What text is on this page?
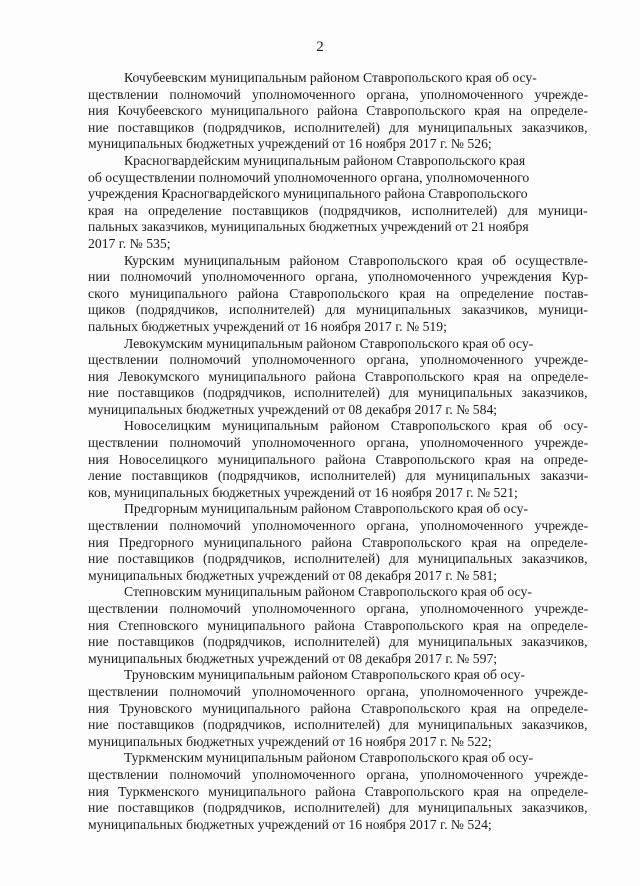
2
Кочубеевским муниципальным районом Ставропольского края об осу-
ществлении полномочий уполномоченного органа, уполномоченного учрежде-
ния Кочубеевского муниципального района Ставропольского края на определе-
ние поставщиков (подрядчиков, исполнителей) для муниципальных заказчиков,
муниципальных бюджетных учреждений от 16 ноября 2017 г. № 526;
Красногвардейским муниципальным районом Ставропольского края
об осуществлении полномочий уполномоченного органа, уполномоченного
учреждения Красногвардейского муниципального района Ставропольского
края на определение поставщиков (подрядчиков, исполнителей) для муници-
пальных заказчиков, муниципальных бюджетных учреждений от 21 ноября
2017 г. № 535;
Курским муниципальным районом Ставропольского края об осуществле-
нии полномочий уполномоченного органа, уполномоченного учреждения Кур-
ского муниципального района Ставропольского края на определение постав-
щиков (подрядчиков, исполнителей) для муниципальных заказчиков, муници-
пальных бюджетных учреждений от 16 ноября 2017 г. № 519;
Левокумским муниципальным районом Ставропольского края об осу-
ществлении полномочий уполномоченного органа, уполномоченного учрежде-
ния Левокумского муниципального района Ставропольского края на определе-
ние поставщиков (подрядчиков, исполнителей) для муниципальных заказчиков,
муниципальных бюджетных учреждений от 08 декабря 2017 г. № 584;
Новоселицким муниципальным районом Ставропольского края об осу-
ществлении полномочий уполномоченного органа, уполномоченного учрежде-
ния Новоселицкого муниципального района Ставропольского края на опреде-
ление поставщиков (подрядчиков, исполнителей) для муниципальных заказчи-
ков, муниципальных бюджетных учреждений от 16 ноября 2017 г. № 521;
Предгорным муниципальным районом Ставропольского края об осу-
ществлении полномочий уполномоченного органа, уполномоченного учрежде-
ния Предгорного муниципального района Ставропольского края на определе-
ние поставщиков (подрядчиков, исполнителей) для муниципальных заказчиков,
муниципальных бюджетных учреждений от 08 декабря 2017 г. № 581;
Степновским муниципальным районом Ставропольского края об осу-
ществлении полномочий уполномоченного органа, уполномоченного учрежде-
ния Степновского муниципального района Ставропольского края на определе-
ние поставщиков (подрядчиков, исполнителей) для муниципальных заказчиков,
муниципальных бюджетных учреждений от 08 декабря 2017 г. № 597;
Труновским муниципальным районом Ставропольского края об осу-
ществлении полномочий уполномоченного органа, уполномоченного учрежде-
ния Труновского муниципального района Ставропольского края на определе-
ние поставщиков (подрядчиков, исполнителей) для муниципальных заказчиков,
муниципальных бюджетных учреждений от 16 ноября 2017 г. № 522;
Туркменским муниципальным районом Ставропольского края об осу-
ществлении полномочий уполномоченного органа, уполномоченного учрежде-
ния Туркменского муниципального района Ставропольского края на определе-
ние поставщиков (подрядчиков, исполнителей) для муниципальных заказчиков,
муниципальных бюджетных учреждений от 16 ноября 2017 г. № 524;
